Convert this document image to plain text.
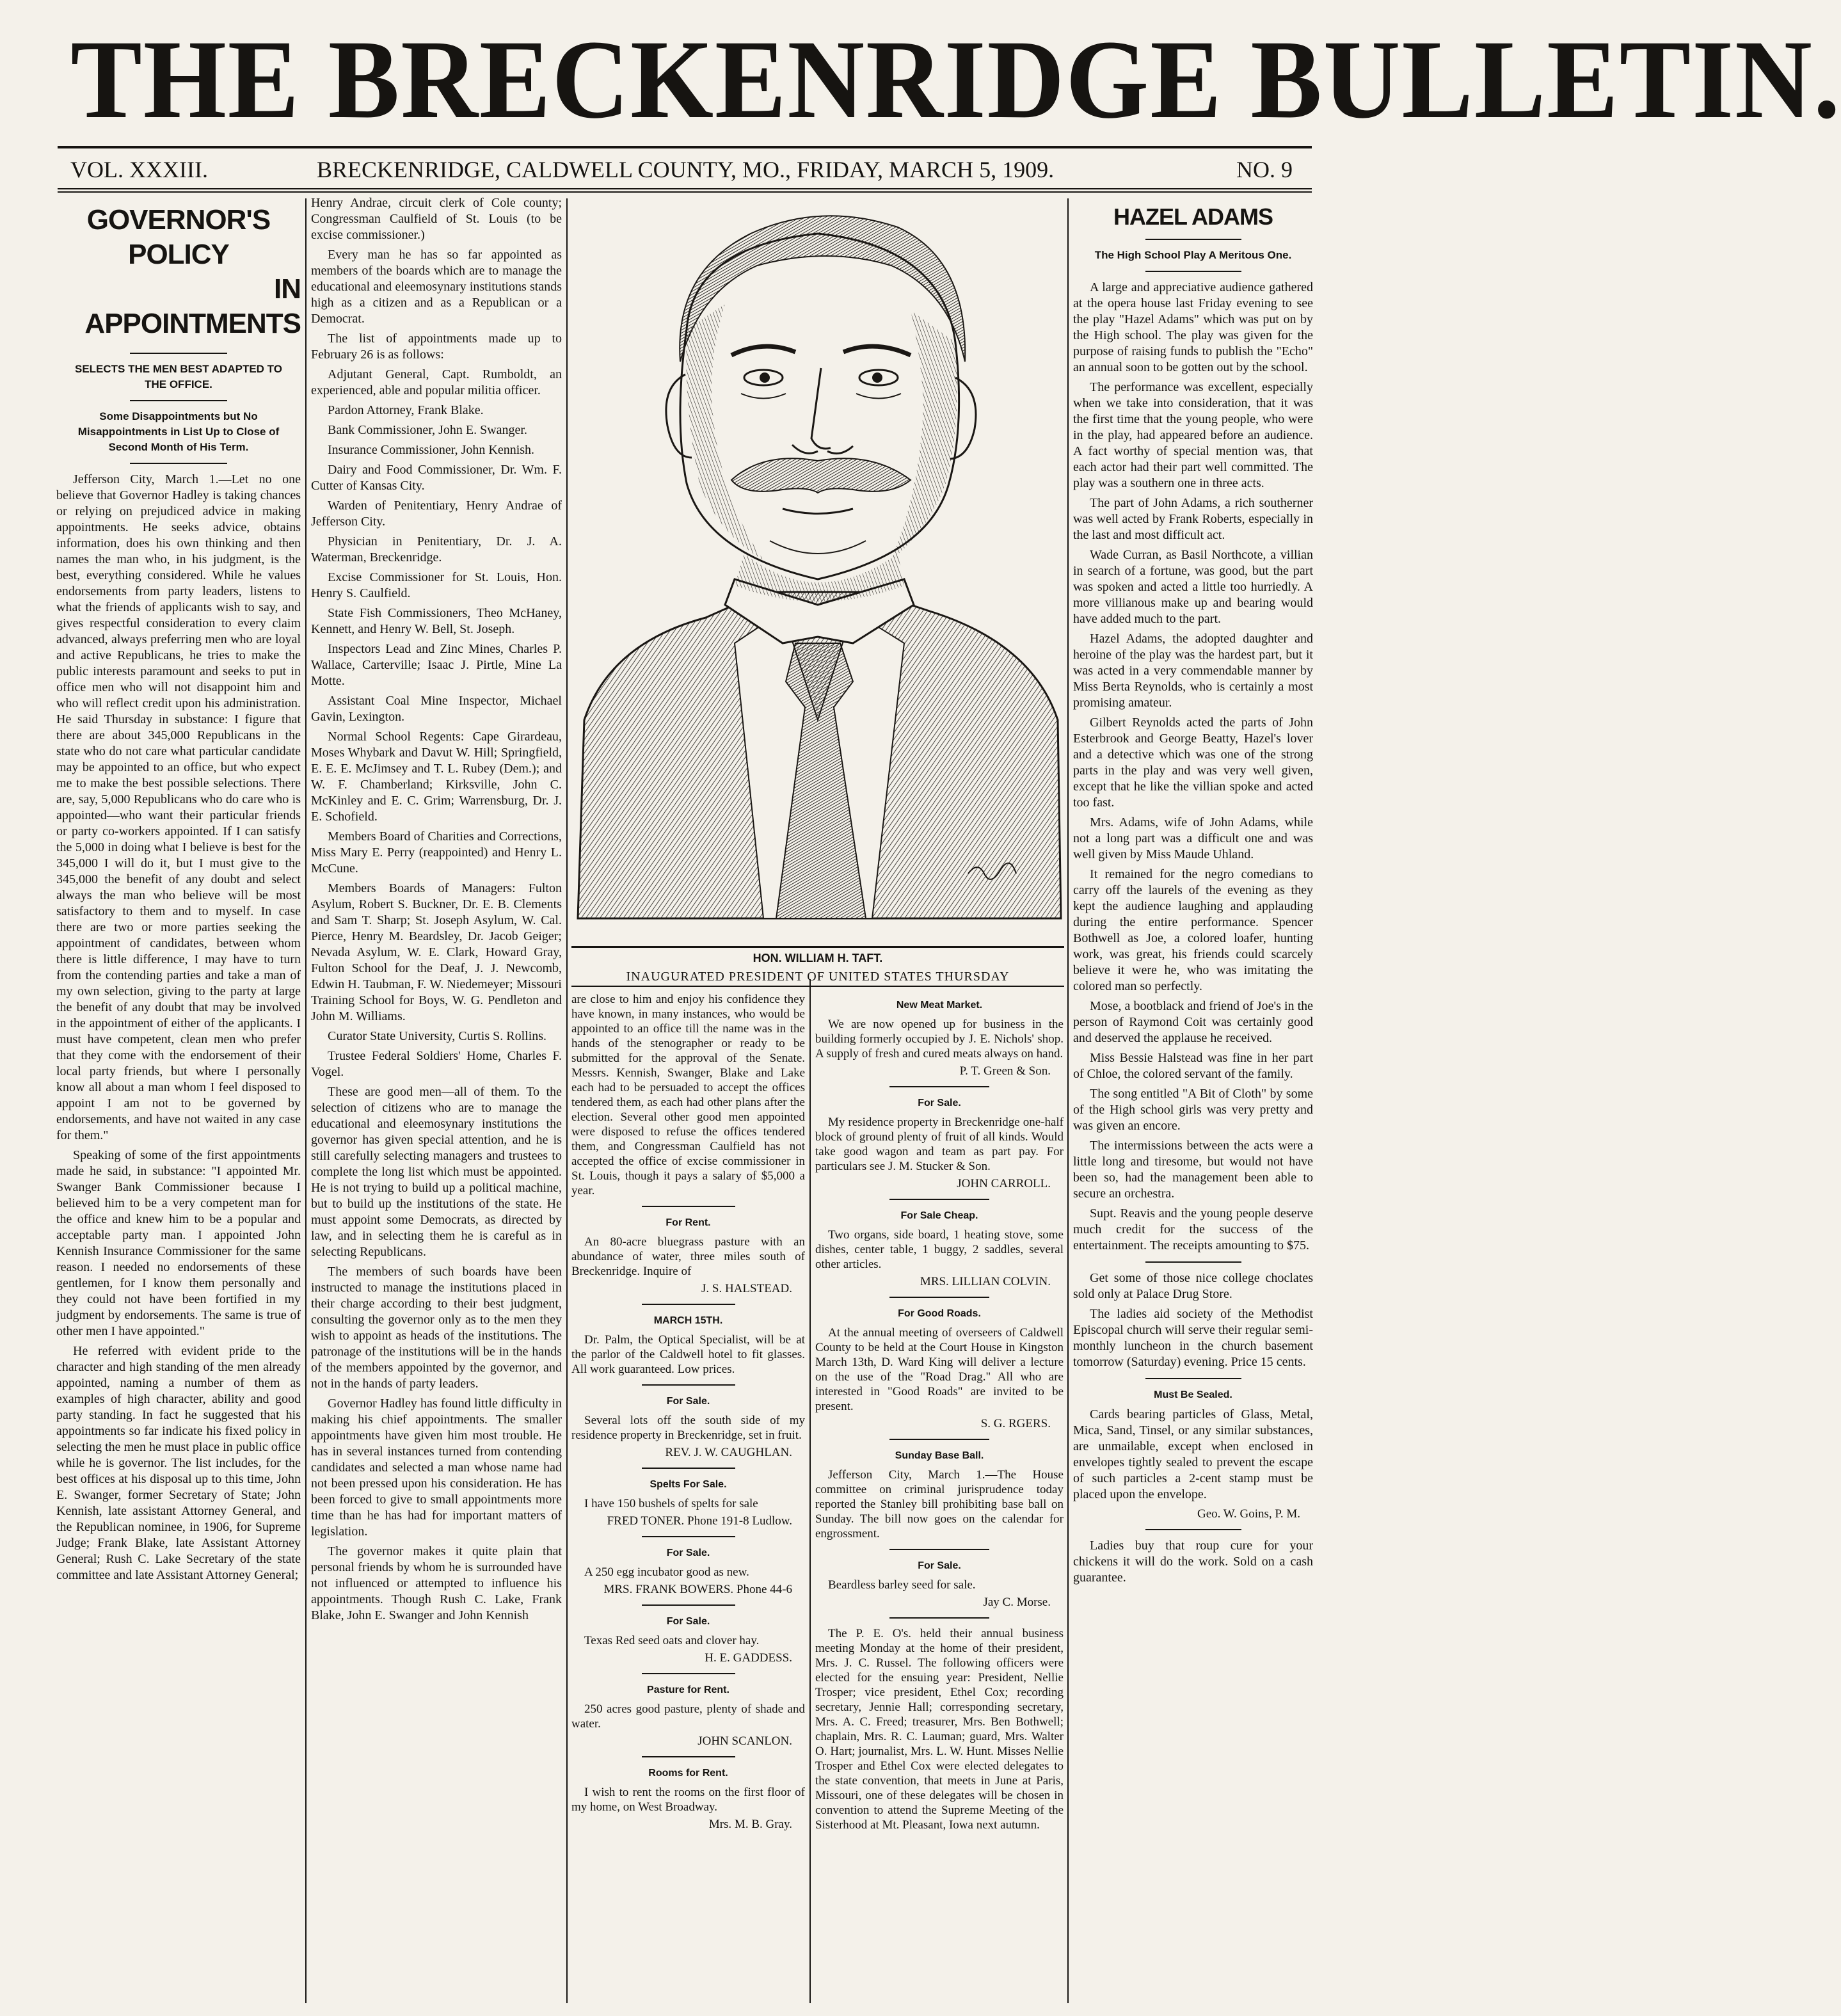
THE BRECKENRIDGE BULLETIN.
VOL. XXXIII.	BRECKENRIDGE, CALDWELL COUNTY, MO., FRIDAY, MARCH 5, 1909.	NO. 9
GOVERNOR'S POLICY
IN APPOINTMENTS
SELECTS THE MEN BEST ADAPTED TO THE OFFICE.
Some Disappointments but No Misappointments in List Up to Close of Second Month of His Term.

Jefferson City, March 1.—Let no one believe that Governor Hadley is taking chances or relying on prejudiced advice in making appointments. He seeks advice, obtains information, does his own thinking and then names the man who, in his judgment, is the best, everything considered. While he values endorsements from party leaders, listens to what the friends of applicants wish to say, and gives respectful consideration to every claim advanced, always preferring men who are loyal and active Republicans, he tries to make the public interests paramount and seeks to put in office men who will not disappoint him and who will reflect credit upon his administration. He said Thursday in substance: I figure that there are about 345,000 Republicans in the state who do not care what particular candidate may be appointed to an office, but who expect me to make the best possible selections. There are, say, 5,000 Republicans who do care who is appointed—who want their particular friends or party co-workers appointed. If I can satisfy the 5,000 in doing what I believe is best for the 345,000 I will do it, but I must give to the 345,000 the benefit of any doubt and select always the man who believe will be most satisfactory to them and to myself. In case there are two or more parties seeking the appointment of candidates, between whom there is little difference, I may have to turn from the contending parties and take a man of my own selection, giving to the party at large the benefit of any doubt that may be involved in the appointment of either of the applicants. I must have competent, clean men who prefer that they come with the endorsement of their local party friends, but where I personally know all about a man whom I feel disposed to appoint I am not to be governed by endorsements, and have not waited in any case for them."

Speaking of some of the first appointments made he said, in substance: "I appointed Mr. Swanger Bank Commissioner because I believed him to be a very competent man for the office and knew him to be a popular and acceptable party man. I appointed John Kennish Insurance Commissioner for the same reason. I needed no endorsements of these gentlemen, for I know them personally and they could not have been fortified in my judgment by endorsements. The same is true of other men I have appointed."

He referred with evident pride to the character and high standing of the men already appointed, naming a number of them as examples of high character, ability and good party standing. In fact he suggested that his appointments so far indicate his fixed policy in selecting the men he must place in public office while he is governor. The list includes, for the best offices at his disposal up to this time, John E. Swanger, former Secretary of State; John Kennish, late assistant Attorney General, and the Republican nominee, in 1906, for Supreme Judge; Frank Blake, late Assistant Attorney General; Rush C. Lake Secretary of the state committee and late Assistant Attorney General;

Henry Andrae, circuit clerk of Cole county; Congressman Caulfield of St. Louis (to be excise commissioner.)

Every man he has so far appointed as members of the boards which are to manage the educational and eleemosynary institutions stands high as a citizen and as a Republican or a Democrat.

The list of appointments made up to February 26 is as follows:

Adjutant General, Capt. Rumboldt, an experienced, able and popular militia officer.

Pardon Attorney, Frank Blake.

Bank Commissioner, John E. Swanger.

Insurance Commissioner, John Kennish.

Dairy and Food Commissioner, Dr. Wm. F. Cutter of Kansas City.

Warden of Penitentiary, Henry Andrae of Jefferson City.

Physician in Penitentiary, Dr. J. A. Waterman, Breckenridge.

Excise Commissioner for St. Louis, Hon. Henry S. Caulfield.

State Fish Commissioners, Theo McHaney, Kennett, and Henry W. Bell, St. Joseph.

Inspectors Lead and Zinc Mines, Charles P. Wallace, Carterville; Isaac J. Pirtle, Mine La Motte.

Assistant Coal Mine Inspector, Michael Gavin, Lexington.

Normal School Regents: Cape Girardeau, Moses Whybark and Davut W. Hill; Springfield, E. E. E. McJimsey and T. L. Rubey (Dem.); and W. F. Chamberland; Kirksville, John C. McKinley and E. C. Grim; Warrensburg, Dr. J. E. Schofield.

Members Board of Charities and Corrections, Miss Mary E. Perry (reappointed) and Henry L. McCune.

Members Boards of Managers: Fulton Asylum, Robert S. Buckner, Dr. E. B. Clements and Sam T. Sharp; St. Joseph Asylum, W. Cal. Pierce, Henry M. Beardsley, Dr. Jacob Geiger; Nevada Asylum, W. E. Clark, Howard Gray, Fulton School for the Deaf, J. J. Newcomb, Edwin H. Taubman, F. W. Niedemeyer; Missouri Training School for Boys, W. G. Pendleton and John M. Williams.

Curator State University, Curtis S. Rollins.

Trustee Federal Soldiers' Home, Charles F. Vogel.

These are good men—all of them. To the selection of citizens who are to manage the educational and eleemosynary institutions the governor has given special attention, and he is still carefully selecting managers and trustees to complete the long list which must be appointed. He is not trying to build up a political machine, but to build up the institutions of the state. He must appoint some Democrats, as directed by law, and in selecting them he is careful as in selecting Republicans.

The members of such boards have been instructed to manage the institutions placed in their charge according to their best judgment, consulting the governor only as to the men they wish to appoint as heads of the institutions. The patronage of the institutions will be in the hands of the members appointed by the governor, and not in the hands of party leaders.

Governor Hadley has found little difficulty in making his chief appointments. The smaller appointments have given him most trouble. He has in several instances turned from contending candidates and selected a man whose name had not been pressed upon his consideration. He has been forced to give to small appointments more time than he has had for important matters of legislation.

The governor makes it quite plain that personal friends by whom he is surrounded have not influenced or attempted to influence his appointments. Though Rush C. Lake, Frank Blake, John E. Swanger and John Kennish

HON. WILLIAM H. TAFT.
INAUGURATED PRESIDENT OF UNITED STATES THURSDAY

are close to him and enjoy his confidence they have known, in many instances, who would be appointed to an office till the name was in the hands of the stenographer or ready to be submitted for the approval of the Senate. Messrs. Kennish, Swanger, Blake and Lake each had to be persuaded to accept the offices tendered them, as each had other plans after the election. Several other good men appointed were disposed to refuse the offices tendered them, and Congressman Caulfield has not accepted the office of excise commissioner in St. Louis, though it pays a salary of $5,000 a year.

For Rent.

An 80-acre bluegrass pasture with an abundance of water, three miles south of Breckenridge. Inquire of

J. S. HALSTEAD.
MARCH 15TH.

Dr. Palm, the Optical Specialist, will be at the parlor of the Caldwell hotel to fit glasses. All work guaranteed. Low prices.

For Sale.

Several lots off the south side of my residence property in Breckenridge, set in fruit.

REV. J. W. CAUGHLAN.
Spelts For Sale.

I have 150 bushels of spelts for sale

FRED TONER. Phone 191-8 Ludlow.
For Sale.

A 250 egg incubator good as new.

MRS. FRANK BOWERS. Phone 44-6
For Sale.

Texas Red seed oats and clover hay.

H. E. GADDESS.
Pasture for Rent.

250 acres good pasture, plenty of shade and water.

JOHN SCANLON.
Rooms for Rent.

I wish to rent the rooms on the first floor of my home, on West Broadway.

Mrs. M. B. Gray.
New Meat Market.

We are now opened up for business in the building formerly occupied by J. E. Nichols' shop. A supply of fresh and cured meats always on hand.

P. T. Green & Son.
For Sale.

My residence property in Breckenridge one-half block of ground plenty of fruit of all kinds. Would take good wagon and team as part pay. For particulars see J. M. Stucker & Son.

JOHN CARROLL.
For Sale Cheap.

Two organs, side board, 1 heating stove, some dishes, center table, 1 buggy, 2 saddles, several other articles.

MRS. LILLIAN COLVIN.
For Good Roads.

At the annual meeting of overseers of Caldwell County to be held at the Court House in Kingston March 13th, D. Ward King will deliver a lecture on the use of the "Road Drag." All who are interested in "Good Roads" are invited to be present.

S. G. RGERS.
Sunday Base Ball.

Jefferson City, March 1.—The House committee on criminal jurisprudence today reported the Stanley bill prohibiting base ball on Sunday. The bill now goes on the calendar for engrossment.

For Sale.

Beardless barley seed for sale.

Jay C. Morse.

The P. E. O's. held their annual business meeting Monday at the home of their president, Mrs. J. C. Russel. The following officers were elected for the ensuing year: President, Nellie Trosper; vice president, Ethel Cox; recording secretary, Jennie Hall; corresponding secretary, Mrs. A. C. Freed; treasurer, Mrs. Ben Bothwell; chaplain, Mrs. R. C. Lauman; guard, Mrs. Walter O. Hart; journalist, Mrs. L. W. Hunt. Misses Nellie Trosper and Ethel Cox were elected delegates to the state convention, that meets in June at Paris, Missouri, one of these delegates will be chosen in convention to attend the Supreme Meeting of the Sisterhood at Mt. Pleasant, Iowa next autumn.

HAZEL ADAMS
The High School Play A Meritous One.

A large and appreciative audience gathered at the opera house last Friday evening to see the play "Hazel Adams" which was put on by the High school. The play was given for the purpose of raising funds to publish the "Echo" an annual soon to be gotten out by the school.

The performance was excellent, especially when we take into consideration, that it was the first time that the young people, who were in the play, had appeared before an audience. A fact worthy of special mention was, that each actor had their part well committed. The play was a southern one in three acts.

The part of John Adams, a rich southerner was well acted by Frank Roberts, especially in the last and most difficult act.

Wade Curran, as Basil Northcote, a villian in search of a fortune, was good, but the part was spoken and acted a little too hurriedly. A more villianous make up and bearing would have added much to the part.

Hazel Adams, the adopted daughter and heroine of the play was the hardest part, but it was acted in a very commendable manner by Miss Berta Reynolds, who is certainly a most promising amateur.

Gilbert Reynolds acted the parts of John Esterbrook and George Beatty, Hazel's lover and a detective which was one of the strong parts in the play and was very well given, except that he like the villian spoke and acted too fast.

Mrs. Adams, wife of John Adams, while not a long part was a difficult one and was well given by Miss Maude Uhland.

It remained for the negro comedians to carry off the laurels of the evening as they kept the audience laughing and applauding during the entire performance. Spencer Bothwell as Joe, a colored loafer, hunting work, was great, his friends could scarcely believe it were he, who was imitating the colored man so perfectly.

Mose, a bootblack and friend of Joe's in the person of Raymond Coit was certainly good and deserved the applause he received.

Miss Bessie Halstead was fine in her part of Chloe, the colored servant of the family.

The song entitled "A Bit of Cloth" by some of the High school girls was very pretty and was given an encore.

The intermissions between the acts were a little long and tiresome, but would not have been so, had the management been able to secure an orchestra.

Supt. Reavis and the young people deserve much credit for the success of the entertainment. The receipts amounting to $75.

Get some of those nice college choclates sold only at Palace Drug Store.

The ladies aid society of the Methodist Episcopal church will serve their regular semi-monthly luncheon in the church basement tomorrow (Saturday) evening. Price 15 cents.

Must Be Sealed.

Cards bearing particles of Glass, Metal, Mica, Sand, Tinsel, or any similar substances, are unmailable, except when enclosed in envelopes tightly sealed to prevent the escape of such particles a 2-cent stamp must be placed upon the envelope.

Geo. W. Goins, P. M.

Ladies buy that roup cure for your chickens it will do the work. Sold on a cash guarantee.
